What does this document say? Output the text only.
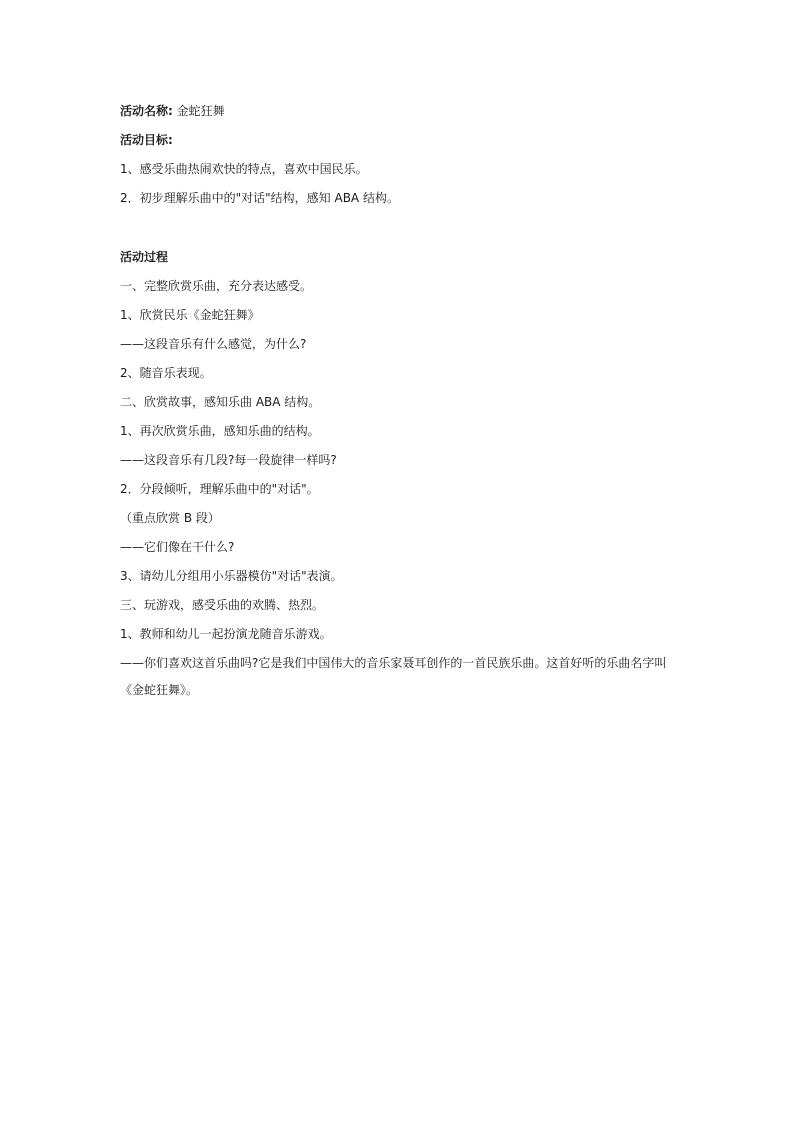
活动名称: 金蛇狂舞
活动目标:
1、感受乐曲热闹欢快的特点，喜欢中国民乐。
2．初步理解乐曲中的"对话"结构，感知 ABA 结构。
活动过程
一、完整欣赏乐曲，充分表达感受。
1、欣赏民乐《金蛇狂舞》
——这段音乐有什么感觉，为什么?
2、随音乐表现。
二、欣赏故事，感知乐曲 ABA 结构。
1、再次欣赏乐曲，感知乐曲的结构。
——这段音乐有几段?每一段旋律一样吗?
2．分段倾听，理解乐曲中的"对话"。
（重点欣赏 B 段）
——它们像在干什么?
3、请幼儿分组用小乐器模仿"对话"表演。
三、玩游戏，感受乐曲的欢腾、热烈。
1、教师和幼儿一起扮演龙随音乐游戏。
——你们喜欢这首乐曲吗?它是我们中国伟大的音乐家聂耳创作的一首民族乐曲。这首好听的乐曲名字叫
《金蛇狂舞》。
